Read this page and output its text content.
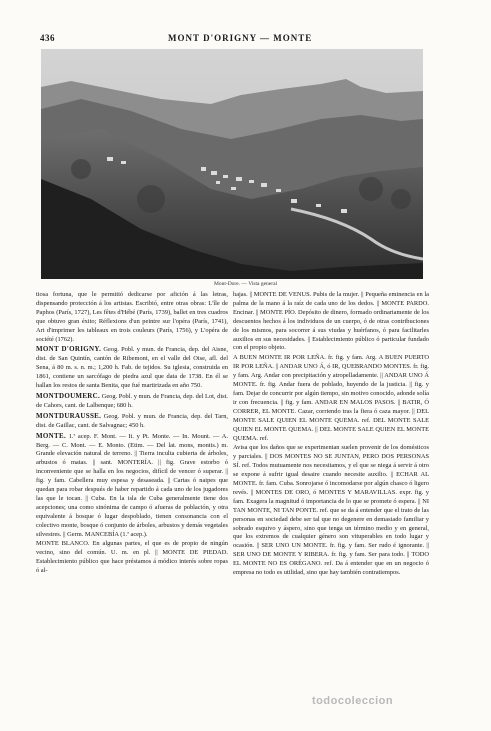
436	MONT D'ORIGNY — MONTE
Mont-Dore. — Vista general

tiosa fortuna, que le permitió dedicarse por afición á las letras, dispensando protección á los artistas. Escribió, entre otras obras: L'île de Paphos (París, 1727), Les fêtes d'Hébé (París, 1739), ballet en tres cuadros que obtuvo gran éxito; Réflexions d'un peintre sur l'opéra (París, 1741), Art d'imprimer les tableaux en trois couleurs (París, 1756), y L'opéra de société (1762).

MONT D'ORIGNY. Geog. Pobl. y mun. de Francia, dep. del Aisne, dist. de San Quintín, cantón de Ribemont, en el valle del Oise, afl. del Sena, á 80 m. s. n. m.; 1,200 h. Fab. de tejidos. Su iglesia, construida en 1861, contiene un sarcófago de piedra azul que data de 1738. En él se hallan los restos de santa Benita, que fué martirizada en año 750.

MONTDOUMERC. Geog. Pobl. y mun. de Francia, dep. del Lot, dist. de Cahors, cant. de Lalbenque; 680 h.

MONTDURAUSSE. Geog. Pobl. y mun. de Francia, dep. del Tarn, dist. de Gaillac, cant. de Salvagnac; 450 h.

MONTE. 1.ª acep. F. Mont. — It. y Pt. Monte. — In. Mount. — A. Berg. — C. Mont. — E. Monto. (Etim. — Del lat. mons, montis.) m. Grande elevación natural de terreno. || Tierra inculta cubierta de árboles, arbustos ó matas. || sant. MONTERÍA. || fig. Grave estorbo ó inconveniente que se halla en los negocios, difícil de vencer ó superar. || fig. y fam. Cabellera muy espesa y desaseada. || Cartas ó naipes que quedan para robar después de haber repartido á cada uno de los jugadores las que le tocan. || Cuba. En la isla de Cuba generalmente tiene dos acepciones; una como sinónima de campo ó afueras de población, y otra equivalente á bosque ó lugar despoblado, tienen consonancia con el colectivo monte, bosque ó conjunto de árboles, arbustos y demás vegetales silvestres. || Germ. MANCEBÍA (1.ª acep.).

MONTE BLANCO. En algunas partes, el que es de propio de ningún vecino, sino del común. U. m. en pl. || MONTE DE PIEDAD. Establecimiento público que hace préstamos á módico interés sobre ropas ó al-

hajas. || MONTE DE VENUS. Pubis de la mujer. || Pequeña eminencia en la palma de la mano á la raíz de cada uno de los dedos. || MONTE PARDO. Encinar. || MONTE PÍO. Depósito de dinero, formado ordinariamente de los descuentos hechos á los individuos de un cuerpo, ó de otras contribuciones de los mismos, para socorrer á sus viudas y huérfanos, ó para facilitarles auxilios en sus necesidades. || Establecimiento público ó particular fundado con el propio objeto.

A BUEN MONTE IR POR LEÑA. fr. fig. y fam. Arg. A BUEN PUERTO IR POR LEÑA. || ANDAR UNO Á, ó IR, QUEBRANDO MONTES. fr. fig. y fam. Arg. Andar con precipitación y atropelladamente. || ANDAR UNO Á MONTE. fr. fig. Andar fuera de poblado, huyendo de la justicia. || fig. y fam. Dejar de concurrir por algún tiempo, sin motivo conocido, adonde solía ir con frecuencia. || fig. y fam. ANDAR EN MALOS PASOS. || BATIR, Ó CORRER, EL MONTE. Cazar, corriendo tras la fiera ó caza mayor. || DEL MONTE SALE QUIEN EL MONTE QUEMA. ref. DEL MONTE SALE QUIEN EL MONTE QUEMA. || DEL MONTE SALE QUIEN EL MONTE QUEMA. ref.

Avisa que los daños que se experimentan suelen provenir de los domésticos y parciales. || DOS MONTES NO SE JUNTAN, PERO DOS PERSONAS SÍ. ref. Todos mutuamente nos necesitamos, y el que se niega á servir á otro se expone á sufrir igual desaire cuando necesite auxilio. || ECHAR AL MONTE. fr. fam. Cuba. Sonrojarse ó incomodarse por algún chasco ó ligero revés. || MONTES DE ORO, ó MONTES Y MARAVILLAS. expr. fig. y fam. Exagera la magnitud ó importancia de lo que se promete ó espera. || NI TAN MONTE, NI TAN PONTE. ref. que se da á entender que el trato de las personas en sociedad debe ser tal que no degenere en demasiado familiar y sobrado esquivo y áspero, sino que tenga un término medio y en general, que los extremos de cualquier género son vituperables en todo lugar y ocasión. || SER UNO UN MONTE. fr. fig. y fam. Ser rudo é ignorante. || SER UNO DE MONTE Y RIBERA. fr. fig. y fam. Ser para todo. || TODO EL MONTE NO ES ORÉGANO. ref. Da á entender que en un negocio ó empresa no todo es utilidad, sino que hay también contratiempos.

todocoleccion
